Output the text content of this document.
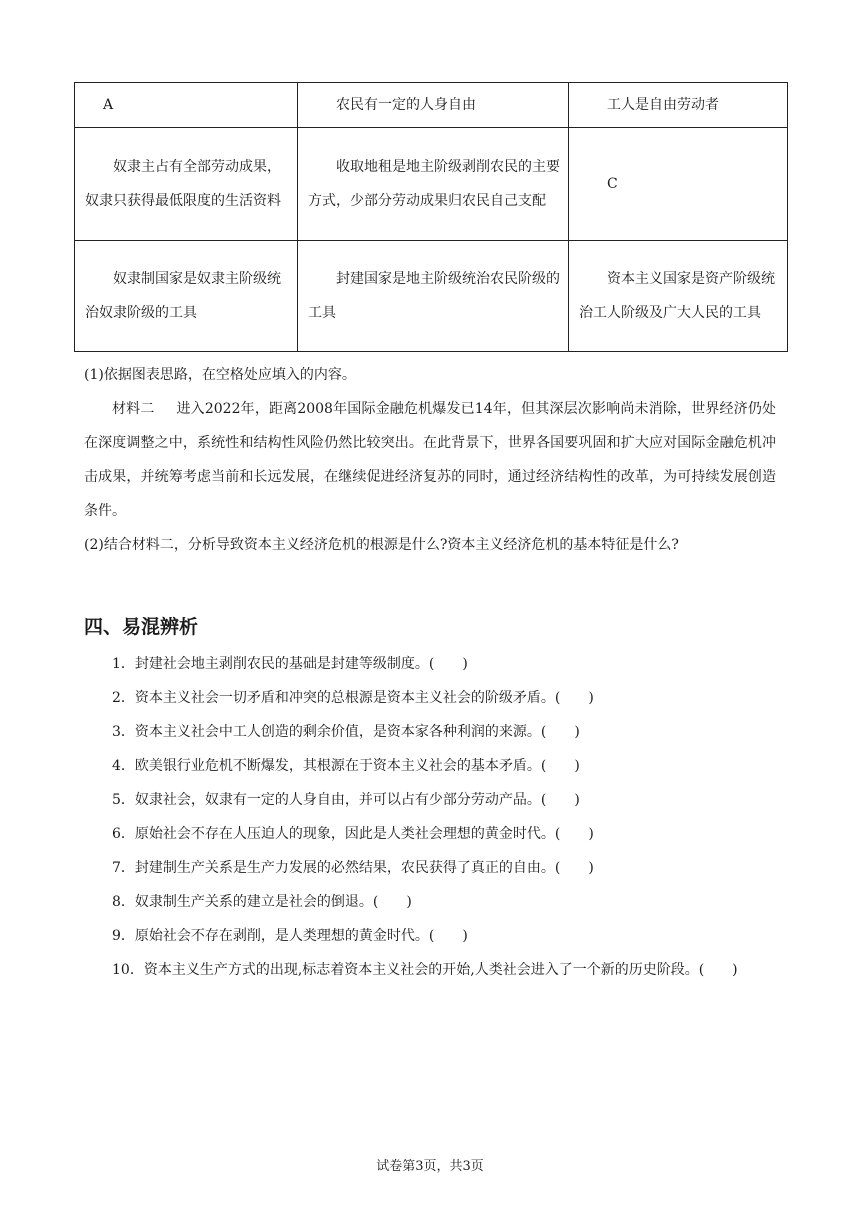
A	农民有一定的人身自由	工人是自由劳动者
奴隶主占有全部劳动成果，奴隶只获得最低限度的生活资料	收取地租是地主阶级剥削农民的主要方式，少部分劳动成果归农民自己支配	C
奴隶制国家是奴隶主阶级统治奴隶阶级的工具	封建国家是地主阶级统治农民阶级的工具	资本主义国家是资产阶级统治工人阶级及广大人民的工具

(1)依据图表思路，在空格处应填入的内容。

材料二 进入2022年，距离2008年国际金融危机爆发已14年，但其深层次影响尚未消除，世界经济仍处在深度调整之中，系统性和结构性风险仍然比较突出。在此背景下，世界各国要巩固和扩大应对国际金融危机冲击成果，并统筹考虑当前和长远发展，在继续促进经济复苏的同时，通过经济结构性的改革，为可持续发展创造条件。

(2)结合材料二，分析导致资本主义经济危机的根源是什么?资本主义经济危机的基本特征是什么?

四、易混辨析
1．封建社会地主剥削农民的基础是封建等级制度。(　　)
2．资本主义社会一切矛盾和冲突的总根源是资本主义社会的阶级矛盾。(　　)
3．资本主义社会中工人创造的剩余价值，是资本家各种利润的来源。(　　)
4．欧美银行业危机不断爆发，其根源在于资本主义社会的基本矛盾。(　　)
5．奴隶社会，奴隶有一定的人身自由，并可以占有少部分劳动产品。(　　)
6．原始社会不存在人压迫人的现象，因此是人类社会理想的黄金时代。(　　)
7．封建制生产关系是生产力发展的必然结果，农民获得了真正的自由。(　　)
8．奴隶制生产关系的建立是社会的倒退。(　　)
9．原始社会不存在剥削，是人类理想的黄金时代。(　　)
10．资本主义生产方式的出现,标志着资本主义社会的开始,人类社会进入了一个新的历史阶段。(　　)
试卷第3页，共3页
